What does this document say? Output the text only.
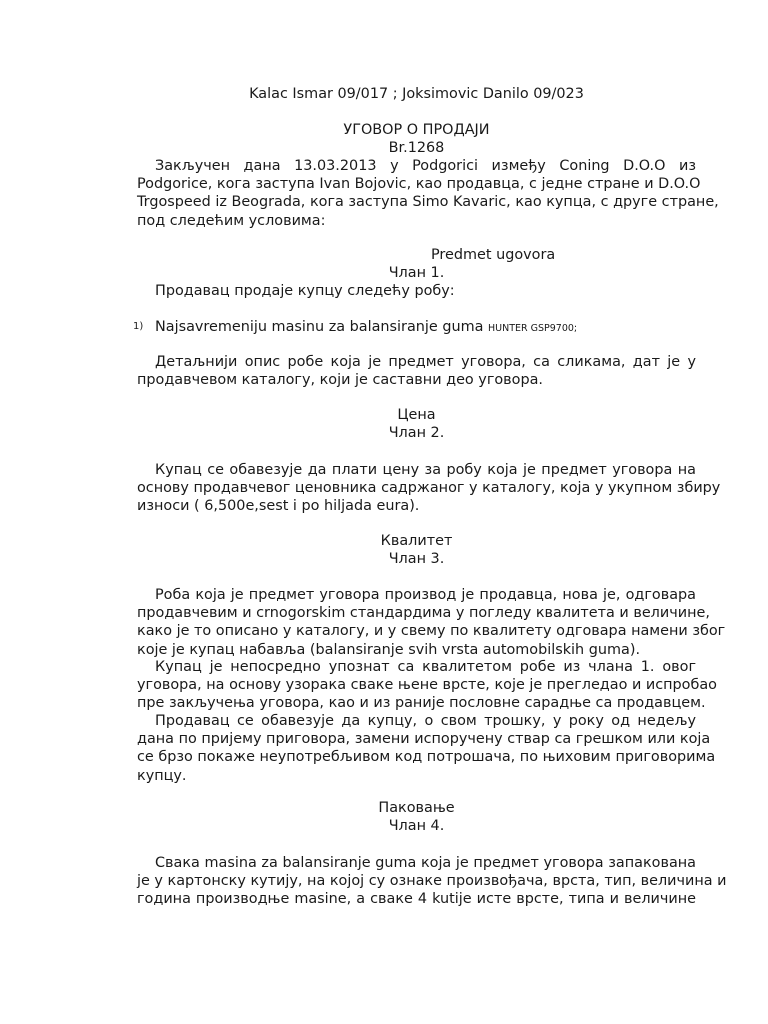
Kalac Ismar 09/017 ; Joksimovic Danilo 09/023
УГОВОР О ПРОДАЈИ
Br.1268
Закључен дана 13.03.2013 у Podgorici између Coning D.O.O из
Podgorice, кога заступа Ivan Bojovic, као продавца, с једне стране и D.O.O
Trgospeed iz Beograda, кога заступа Simo Kavaric, као купца, с друге стране,
под следећим условима:
Predmet ugovora
Члан 1.
Продавац продаје купцу следећу робу:
1) Najsavremeniju masinu za balansiranje guma HUNTER GSP9700;
Детаљнији опис робе која је предмет уговора, са сликама, дат је у
продавчевом каталогу, који је саставни део уговора.
Цена
Члан 2.
Купац се обавезује да плати цену за робу која је предмет уговора на
основу продавчевог ценовника садржаног у каталогу, која у укупном збиру
износи ( 6,500e,sest i po hiljada eura).
Квалитет
Члан 3.
Роба која је предмет уговора производ је продавца, нова је, одговара
продавчевим и crnogorskim стандардима у погледу квалитета и величине,
како је то описано у каталогу, и у свему по квалитету одговара намени због
које је купац набавља (balansiranje svih vrsta automobilskih guma).
Купац је непосредно упознат са квалитетом робе из члана 1. овог
уговора, на основу узорака сваке њене врсте, које је прегледао и испробао
пре закључења уговора, као и из раније пословне сарадње са продавцем.
Продавац се обавезује да купцу, о свом трошку, у року од недељу
дана по пријему приговора, замени испоручену ствар са грешком или која
се брзо покаже неупотребљивом код потрошача, по њиховим приговорима
купцу.
Паковање
Члан 4.
Свака masina za balansiranje guma која је предмет уговора запакована
је у картонску кутију, на којој су ознаке произвођача, врста, тип, величина и
година производње masine, а сваке 4 kutije исте врсте, типа и величине
